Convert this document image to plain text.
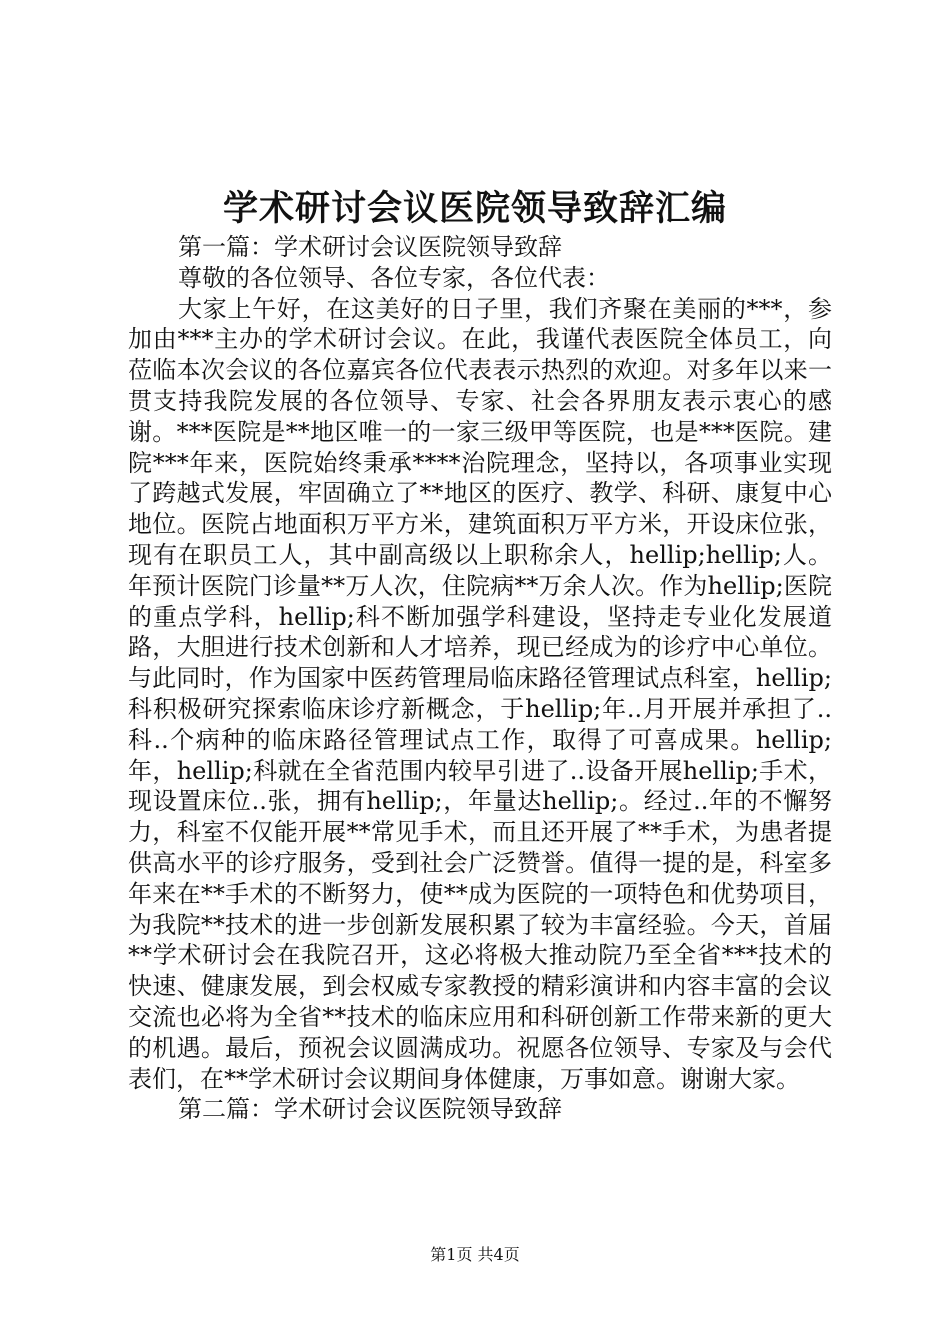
学术研讨会议医院领导致辞汇编

第一篇：学术研讨会议医院领导致辞

尊敬的各位领导、各位专家，各位代表：

大家上午好，在这美好的日子里，我们齐聚在美丽的***，参加由***主办的学术研讨会议。在此，我谨代表医院全体员工，向莅临本次会议的各位嘉宾各位代表表示热烈的欢迎。对多年以来一贯支持我院发展的各位领导、专家、社会各界朋友表示衷心的感谢。***医院是**地区唯一的一家三级甲等医院，也是***医院。建院***年来，医院始终秉承****治院理念，坚持以，各项事业实现了跨越式发展，牢固确立了**地区的医疗、教学、科研、康复中心地位。医院占地面积万平方米，建筑面积万平方米，开设床位张，现有在职员工人，其中副高级以上职称余人，hellip;hellip;人。年预计医院门诊量**万人次，住院病**万余人次。作为hellip;医院的重点学科，hellip;科不断加强学科建设，坚持走专业化发展道路，大胆进行技术创新和人才培养，现已经成为的诊疗中心单位。与此同时，作为国家中医药管理局临床路径管理试点科室，hellip;科积极研究探索临床诊疗新概念，于hellip;年..月开展并承担了..科..个病种的临床路径管理试点工作，取得了可喜成果。hellip;年，hellip;科就在全省范围内较早引进了..设备开展hellip;手术，现设置床位..张，拥有hellip;，年量达hellip;。经过..年的不懈努力，科室不仅能开展**常见手术，而且还开展了**手术，为患者提供高水平的诊疗服务，受到社会广泛赞誉。值得一提的是，科室多年来在**手术的不断努力，使**成为医院的一项特色和优势项目，为我院**技术的进一步创新发展积累了较为丰富经验。今天，首届**学术研讨会在我院召开，这必将极大推动院乃至全省***技术的快速、健康发展，到会权威专家教授的精彩演讲和内容丰富的会议交流也必将为全省**技术的临床应用和科研创新工作带来新的更大的机遇。最后，预祝会议圆满成功。祝愿各位领导、专家及与会代表们，在**学术研讨会议期间身体健康，万事如意。谢谢大家。

第二篇：学术研讨会议医院领导致辞

第1页 共4页
